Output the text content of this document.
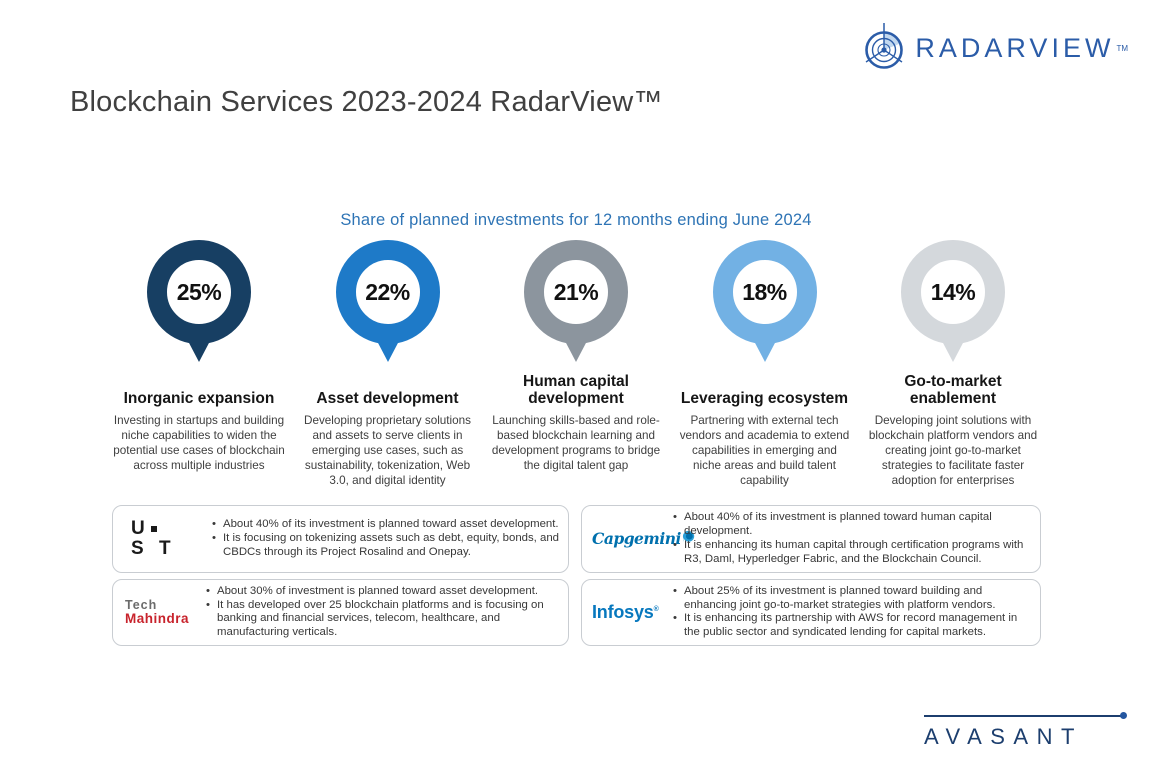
RADARVIEW TM
Blockchain Services 2023-2024 RadarView™
Share of planned investments for 12 months ending June 2024
25%
Inorganic expansion
Investing in startups and building niche capabilities to widen the potential use cases of blockchain across multiple industries
22%
Asset development
Developing proprietary solutions and assets to serve clients in emerging use cases, such as sustainability, tokenization, Web 3.0, and digital identity
21%
Human capital development
Launching skills-based and role-based blockchain learning and development programs to bridge the digital talent gap
18%
Leveraging ecosystem
Partnering with external tech vendors and academia to extend capabilities in emerging and niche areas and build talent capability
14%
Go-to-market enablement
Developing joint solutions with blockchain platform vendors and creating joint go-to-market strategies to facilitate faster adoption for enterprises
U
S T
• About 40% of its investment is planned toward asset development.
• It is focusing on tokenizing assets such as debt, equity, bonds, and CBDCs through its Project Rosalind and Onepay.
Capgemini
• About 40% of its investment is planned toward human capital development.
• It is enhancing its human capital through certification programs with R3, Daml, Hyperledger Fabric, and the Blockchain Council.
Tech
Mahindra
• About 30% of investment is planned toward asset development.
• It has developed over 25 blockchain platforms and is focusing on banking and financial services, telecom, healthcare, and manufacturing verticals.
Infosys®
• About 25% of its investment is planned toward building and enhancing joint go-to-market strategies with platform vendors.
• It is enhancing its partnership with AWS for record management in the public sector and syndicated lending for capital markets.
AVASANT
